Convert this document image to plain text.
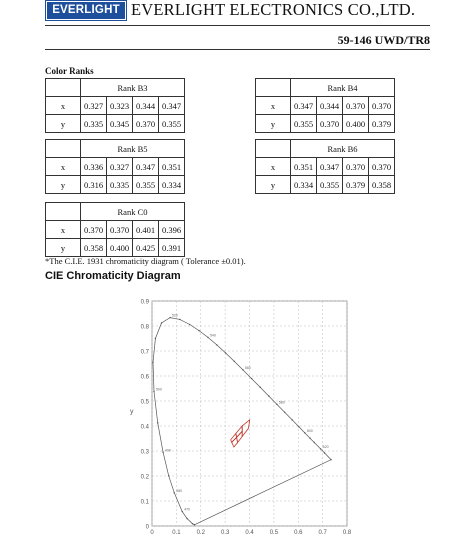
EVERLIGHT EVERLIGHT ELECTRONICS CO.,LTD.
59-146 UWD/TR8
Color Ranks
	Rank B3			
x	0.327	0.323	0.344	0.347
y	0.335	0.345	0.370	0.355
	Rank B4			
x	0.347	0.344	0.370	0.370
y	0.355	0.370	0.400	0.379
	Rank B5			
x	0.336	0.327	0.347	0.351
y	0.316	0.335	0.355	0.334
	Rank B6			
x	0.351	0.347	0.370	0.370
y	0.334	0.355	0.379	0.358
	Rank C0			
x	0.370	0.370	0.401	0.396
y	0.358	0.400	0.425	0.391
*The C.I.E. 1931 chromaticity diagram ( Tolerance ±0.01).
CIE Chromaticity Diagram
0
0.1
0.2
0.3
0.4
0.5
0.6
0.7
0.8
0.9
0	0.1	0.2	0.3	0.4	0.5	0.6	0.7	0.8
y
520
540
560
580
600
620
500
490
480
470
